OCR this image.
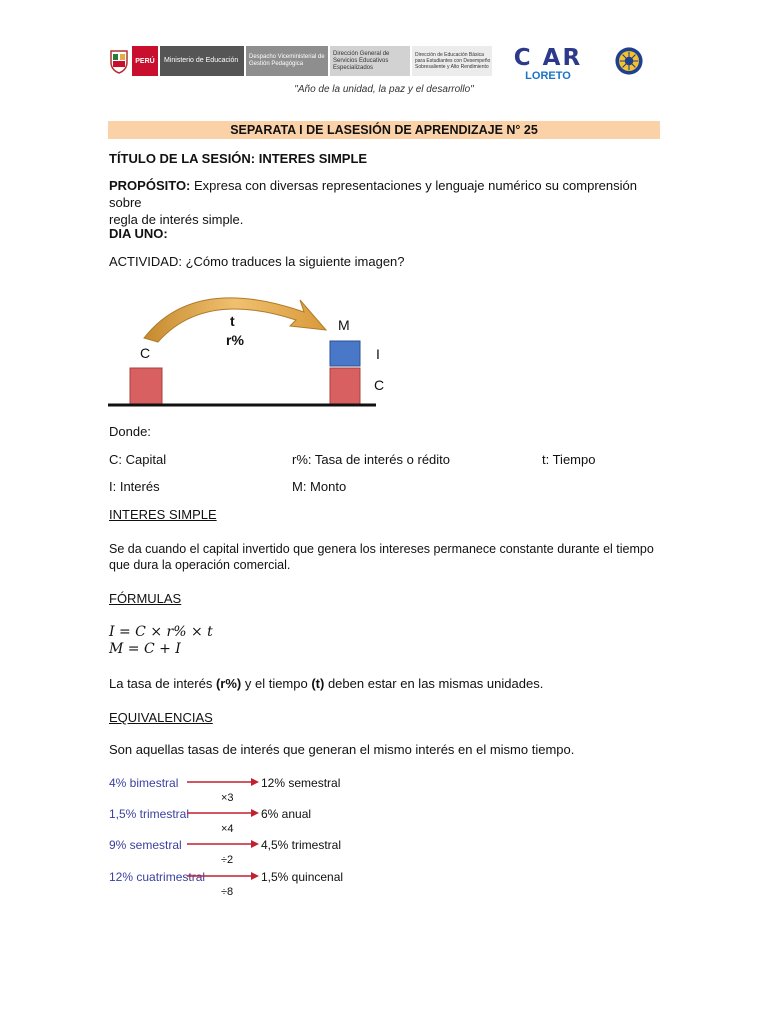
PERÚ	Ministerio de Educación	Despacho Viceministerial de Gestión Pedagógica
Dirección General de Servicios Educativos Especializados
Dirección de Educación Básica para Estudiantes con Desempeño Sobresaliente y Alto Rendimiento C AR
LORETO
"Año de la unidad, la paz y el desarrollo"
SEPARATA I DE LASESIÓN DE APRENDIZAJE N° 25
TÍTULO DE LA SESIÓN: INTERES SIMPLE
PROPÓSITO: Expresa con diversas representaciones y lenguaje numérico su comprensión sobre
regla de interés simple.
DIA UNO:
ACTIVIDAD: ¿Cómo traduces la siguiente imagen?
t
r%
C
M
I
C
Donde:
C: Capital	r%: Tasa de interés o rédito	t: Tiempo
I: Interés	M: Monto
INTERES SIMPLE
Se da cuando el capital invertido que genera los intereses permanece constante durante el tiempo
que dura la operación comercial.
FÓRMULAS
I = C × r% × t
M = C + I
La tasa de interés (r%) y el tiempo (t) deben estar en las mismas unidades.
EQUIVALENCIAS
Son aquellas tasas de interés que generan el mismo interés en el mismo tiempo.
4% bimestral	12% semestral
×3
1,5% trimestral	6% anual
×4
9% semestral	4,5% trimestral
÷2
12% cuatrimestral	1,5% quincenal
÷8
